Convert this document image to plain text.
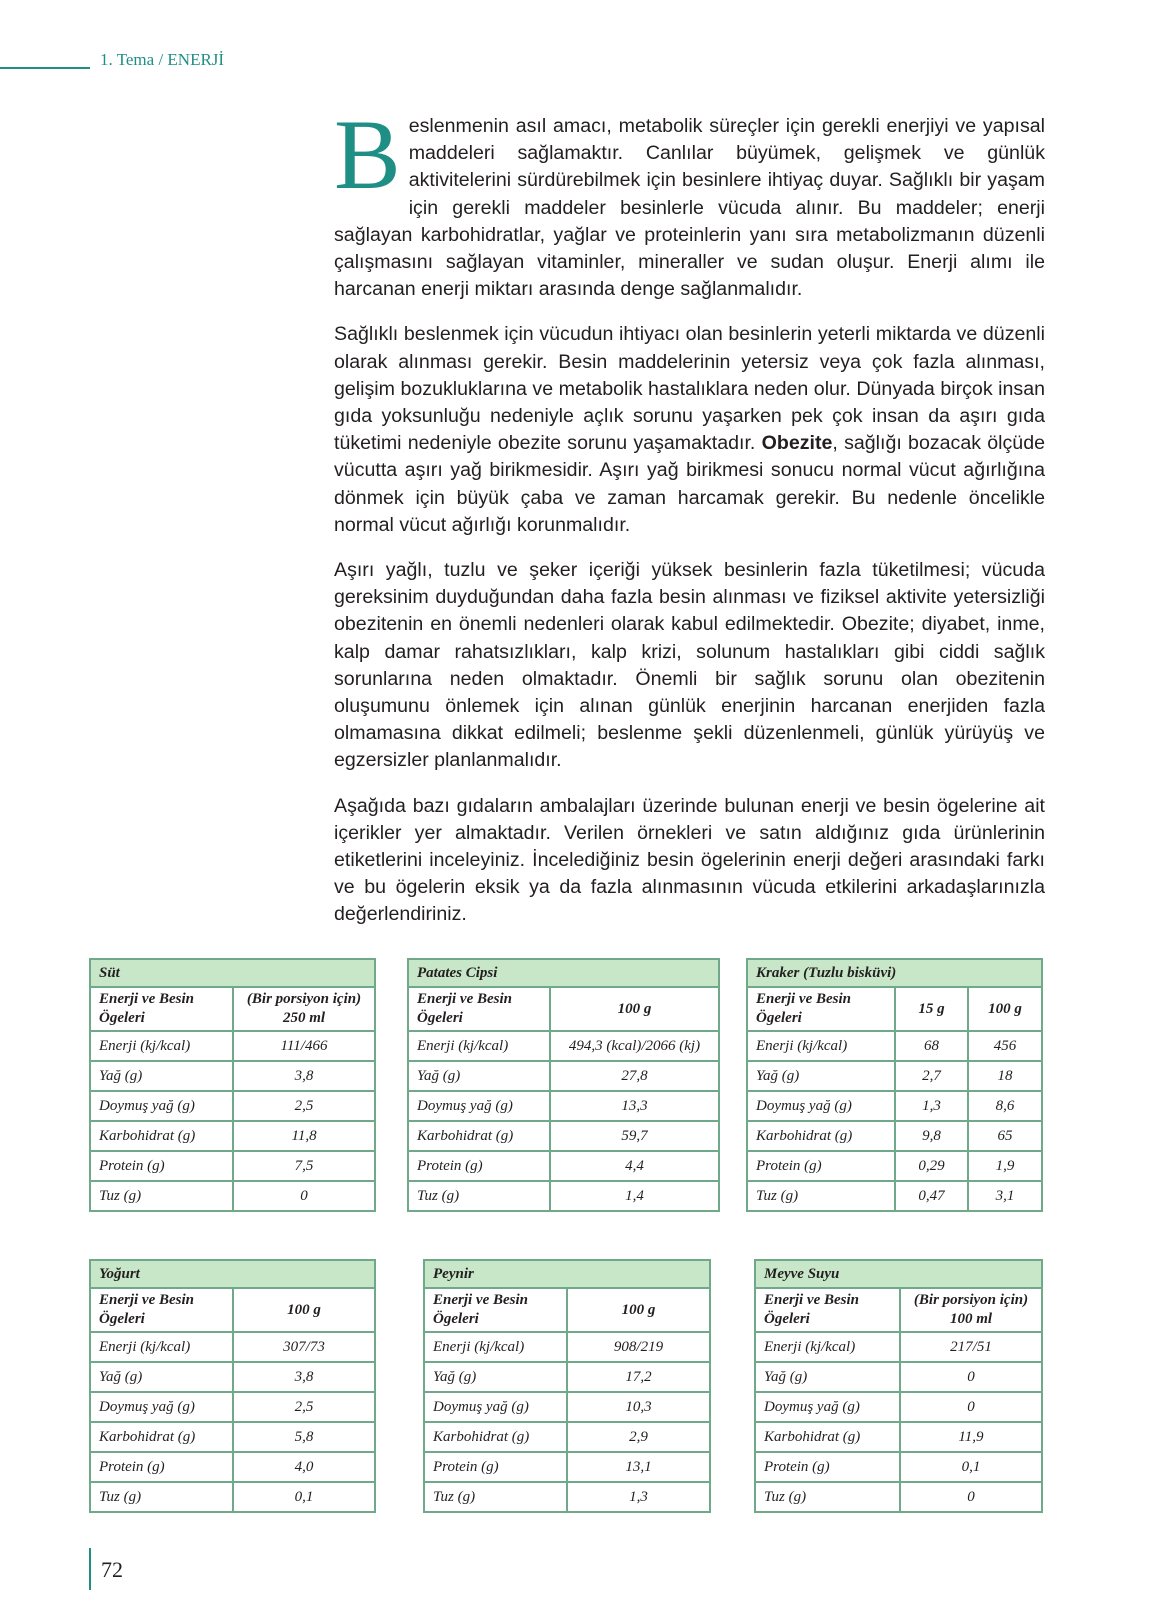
1. Tema / ENERJİ

Beslenmenin asıl amacı, metabolik süreçler için gerekli enerjiyi ve yapısal maddeleri sağlamaktır. Canlılar büyümek, gelişmek ve günlük aktivitelerini sürdürebilmek için besinlere ihtiyaç duyar. Sağlıklı bir yaşam için gerekli maddeler besinlerle vücuda alınır. Bu maddeler; enerji sağlayan karbohidratlar, yağlar ve proteinlerin yanı sıra metabolizmanın düzenli çalışmasını sağlayan vitaminler, mineraller ve sudan oluşur. Enerji alımı ile harcanan enerji miktarı arasında denge sağlanmalıdır.

Sağlıklı beslenmek için vücudun ihtiyacı olan besinlerin yeterli miktarda ve düzenli olarak alınması gerekir. Besin maddelerinin yetersiz veya çok fazla alınması, gelişim bozukluklarına ve metabolik hastalıklara neden olur. Dünyada birçok insan gıda yoksunluğu nedeniyle açlık sorunu yaşarken pek çok insan da aşırı gıda tüketimi nedeniyle obezite sorunu yaşamaktadır. Obezite, sağlığı bozacak ölçüde vücutta aşırı yağ birikmesidir. Aşırı yağ birikmesi sonucu normal vücut ağırlığına dönmek için büyük çaba ve zaman harcamak gerekir. Bu nedenle öncelikle normal vücut ağırlığı korunmalıdır.

Aşırı yağlı, tuzlu ve şeker içeriği yüksek besinlerin fazla tüketilmesi; vücuda gereksinim duyduğundan daha fazla besin alınması ve fiziksel aktivite yetersizliği obezitenin en önemli nedenleri olarak kabul edilmektedir. Obezite; diyabet, inme, kalp damar rahatsızlıkları, kalp krizi, solunum hastalıkları gibi ciddi sağlık sorunlarına neden olmaktadır. Önemli bir sağlık sorunu olan obezitenin oluşumunu önlemek için alınan günlük enerjinin harcanan enerjiden fazla olmamasına dikkat edilmeli; beslenme şekli düzenlenmeli, günlük yürüyüş ve egzersizler planlanmalıdır.

Aşağıda bazı gıdaların ambalajları üzerinde bulunan enerji ve besin ögelerine ait içerikler yer almaktadır. Verilen örnekleri ve satın aldığınız gıda ürünlerinin etiketlerini inceleyiniz. İncelediğiniz besin ögelerinin enerji değeri arasındaki farkı ve bu ögelerin eksik ya da fazla alınmasının vücuda etkilerini arkadaşlarınızla değerlendiriniz.

Süt	
Enerji ve Besin Ögeleri	(Bir porsiyon için) 250 ml
Enerji (kj/kcal)	111/466
Yağ (g)	3,8
Doymuş yağ (g)	2,5
Karbohidrat (g)	11,8
Protein (g)	7,5
Tuz (g)	0
Patates Cipsi	
Enerji ve Besin Ögeleri	100 g
Enerji (kj/kcal)	494,3 (kcal)/2066 (kj)
Yağ (g)	27,8
Doymuş yağ (g)	13,3
Karbohidrat (g)	59,7
Protein (g)	4,4
Tuz (g)	1,4
Kraker (Tuzlu bisküvi)		
Enerji ve Besin Ögeleri	15 g	100 g
Enerji (kj/kcal)	68	456
Yağ (g)	2,7	18
Doymuş yağ (g)	1,3	8,6
Karbohidrat (g)	9,8	65
Protein (g)	0,29	1,9
Tuz (g)	0,47	3,1
Yoğurt	
Enerji ve Besin Ögeleri	100 g
Enerji (kj/kcal)	307/73
Yağ (g)	3,8
Doymuş yağ (g)	2,5
Karbohidrat (g)	5,8
Protein (g)	4,0
Tuz (g)	0,1
Peynir	
Enerji ve Besin Ögeleri	100 g
Enerji (kj/kcal)	908/219
Yağ (g)	17,2
Doymuş yağ (g)	10,3
Karbohidrat (g)	2,9
Protein (g)	13,1
Tuz (g)	1,3
Meyve Suyu	
Enerji ve Besin Ögeleri	(Bir porsiyon için) 100 ml
Enerji (kj/kcal)	217/51
Yağ (g)	0
Doymuş yağ (g)	0
Karbohidrat (g)	11,9
Protein (g)	0,1
Tuz (g)	0
72
